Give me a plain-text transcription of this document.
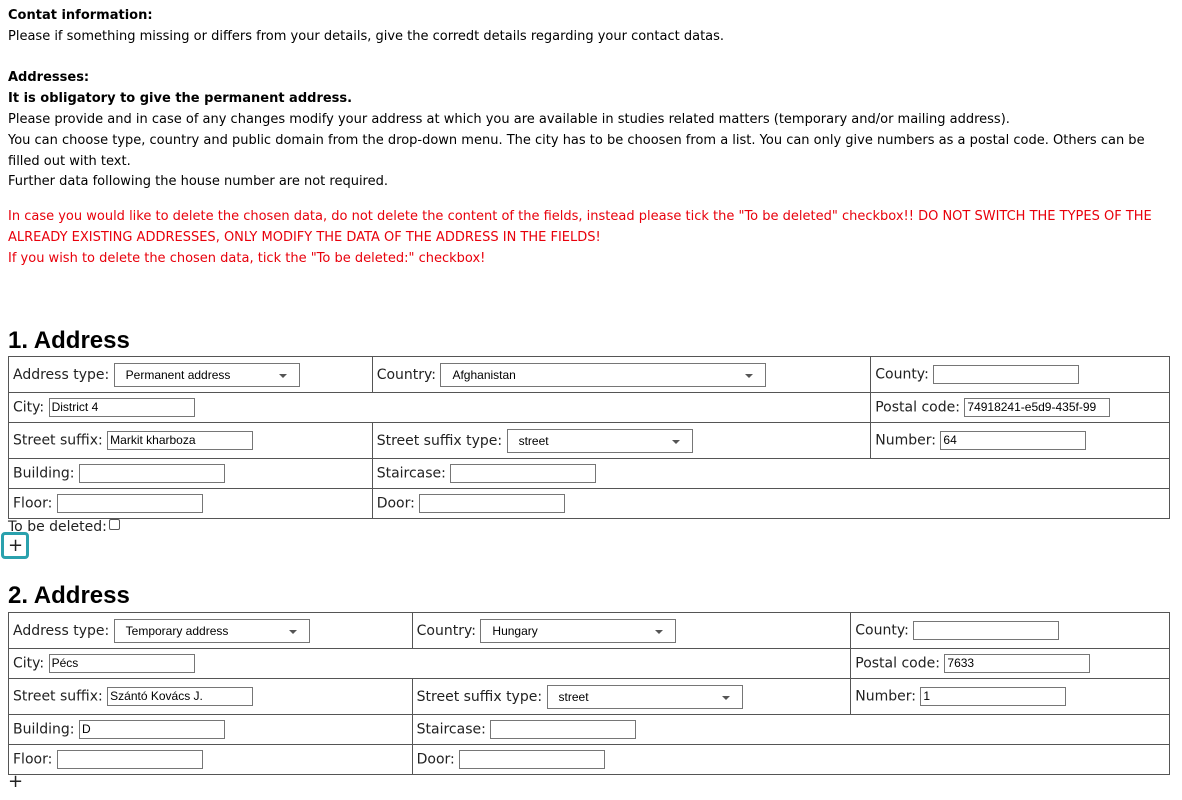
Contat information:

Please if something missing or differs from your details, give the corredt details regarding your contact datas.

Addresses:

It is obligatory to give the permanent address.

Please provide and in case of any changes modify your address at which you are available in studies related matters (temporary and/or mailing address).

You can choose type, country and public domain from the drop-down menu. The city has to be choosen from a list. You can only give numbers as a postal code. Others can be filled out with text.

Further data following the house number are not required.

In case you would like to delete the chosen data, do not delete the content of the fields, instead please tick the "To be deleted" checkbox!! DO NOT SWITCH THE TYPES OF THE ALREADY EXISTING ADDRESSES, ONLY MODIFY THE DATA OF THE ADDRESS IN THE FIELDS!

If you wish to delete the chosen data, tick the "To be deleted:" checkbox!

1. Address
Address type: Permanent address	Country: Afghanistan	County:
City: District 4		Postal code: 74918241-e5d9-435f-99
Street suffix: Markit kharboza	Street suffix type: street	Number: 64
Building:	Staircase:	
Floor:	Door:	
To be deleted:
+
2. Address
Address type: Temporary address	Country: Hungary	County:
City: Pécs		Postal code: 7633
Street suffix: Szántó Kovács J.	Street suffix type: street	Number: 1
Building: D	Staircase:	
Floor:	Door:	
+
